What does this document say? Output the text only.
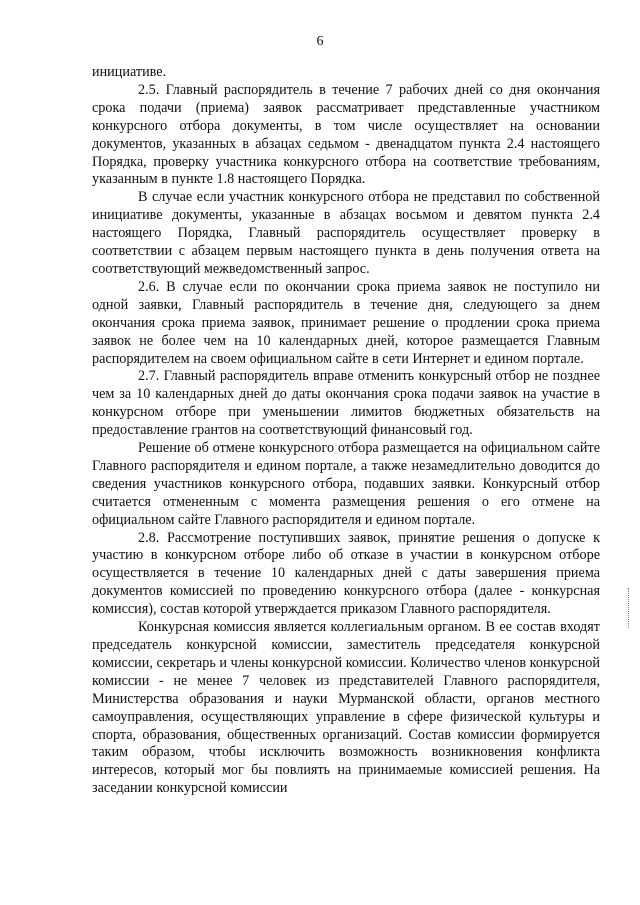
6

инициативе.

2.5. Главный распорядитель в течение 7 рабочих дней со дня окончания срока подачи (приема) заявок рассматривает представленные участником конкурсного отбора документы, в том числе осуществляет на основании документов, указанных в абзацах седьмом - двенадцатом пункта 2.4 настоящего Порядка, проверку участника конкурсного отбора на соответствие требованиям, указанным в пункте 1.8 настоящего Порядка.

В случае если участник конкурсного отбора не представил по собственной инициативе документы, указанные в абзацах восьмом и девятом пункта 2.4 настоящего Порядка, Главный распорядитель осуществляет проверку в соответствии с абзацем первым настоящего пункта в день получения ответа на соответствующий межведомственный запрос.

2.6. В случае если по окончании срока приема заявок не поступило ни одной заявки, Главный распорядитель в течение дня, следующего за днем окончания срока приема заявок, принимает решение о продлении срока приема заявок не более чем на 10 календарных дней, которое размещается Главным распорядителем на своем официальном сайте в сети Интернет и едином портале.

2.7. Главный распорядитель вправе отменить конкурсный отбор не позднее чем за 10 календарных дней до даты окончания срока подачи заявок на участие в конкурсном отборе при уменьшении лимитов бюджетных обязательств на предоставление грантов на соответствующий финансовый год.

Решение об отмене конкурсного отбора размещается на официальном сайте Главного распорядителя и едином портале, а также незамедлительно доводится до сведения участников конкурсного отбора, подавших заявки. Конкурсный отбор считается отмененным с момента размещения решения о его отмене на официальном сайте Главного распорядителя и едином портале.

2.8. Рассмотрение поступивших заявок, принятие решения о допуске к участию в конкурсном отборе либо об отказе в участии в конкурсном отборе осуществляется в течение 10 календарных дней с даты завершения приема документов комиссией по проведению конкурсного отбора (далее - конкурсная комиссия), состав которой утверждается приказом Главного распорядителя.

Конкурсная комиссия является коллегиальным органом. В ее состав входят председатель конкурсной комиссии, заместитель председателя конкурсной комиссии, секретарь и члены конкурсной комиссии. Количество членов конкурсной комиссии - не менее 7 человек из представителей Главного распорядителя, Министерства образования и науки Мурманской области, органов местного самоуправления, осуществляющих управление в сфере физической культуры и спорта, образования, общественных организаций. Состав комиссии формируется таким образом, чтобы исключить возможность возникновения конфликта интересов, который мог бы повлиять на принимаемые комиссией решения. На заседании конкурсной комиссии
